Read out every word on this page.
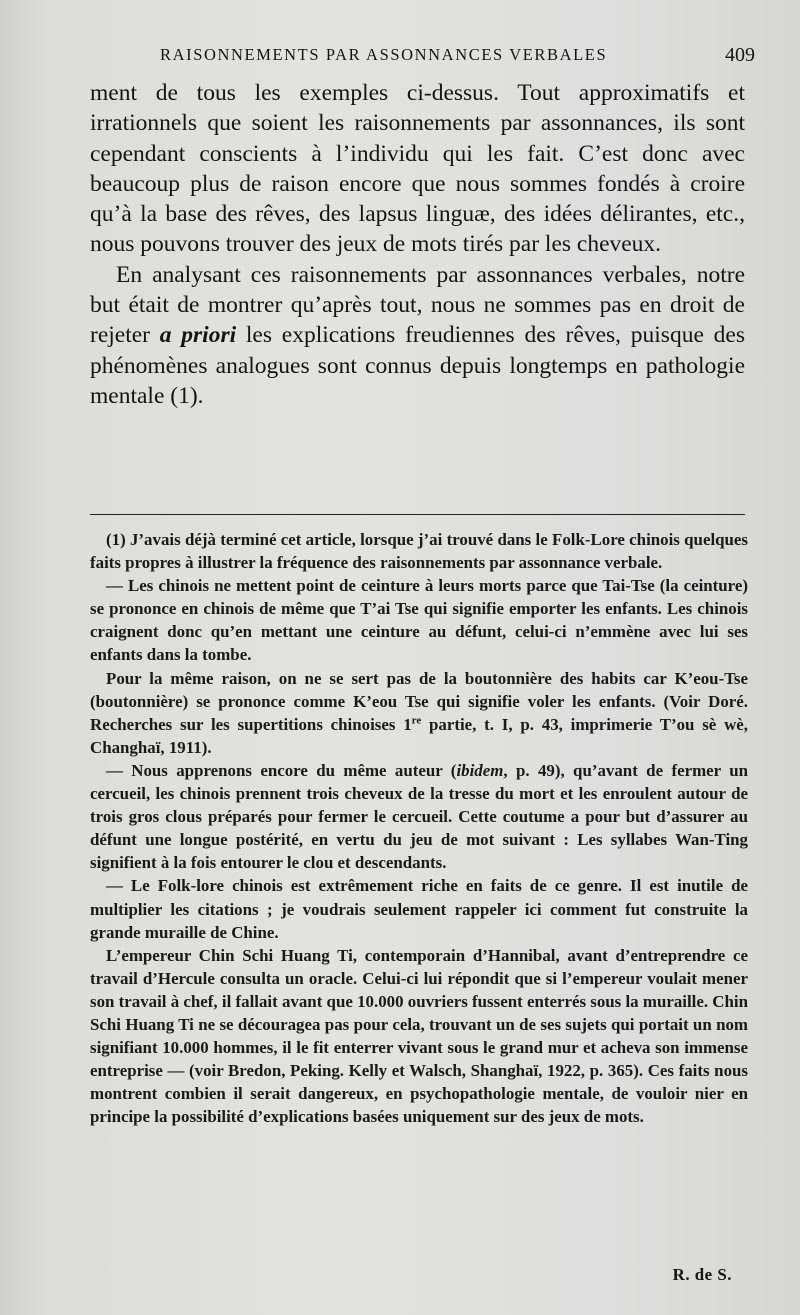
RAISONNEMENTS PAR ASSONNANCES VERBALES	409

ment de tous les exemples ci-dessus. Tout approximatifs et irrationnels que soient les raisonnements par assonnances, ils sont cependant conscients à l’individu qui les fait. C’est donc avec beaucoup plus de raison encore que nous sommes fondés à croire qu’à la base des rêves, des lapsus linguæ, des idées délirantes, etc., nous pouvons trouver des jeux de mots tirés par les cheveux.

En analysant ces raisonnements par assonnances verbales, notre but était de montrer qu’après tout, nous ne sommes pas en droit de rejeter a priori les explications freudiennes des rêves, puisque des phénomènes analogues sont connus depuis longtemps en pathologie mentale (1).

(1) J’avais déjà terminé cet article, lorsque j’ai trouvé dans le Folk-Lore chinois quelques faits propres à illustrer la fréquence des raisonnements par assonnance verbale.

— Les chinois ne mettent point de ceinture à leurs morts parce que Tai-Tse (la ceinture) se prononce en chinois de même que T’ai Tse qui signifie emporter les enfants. Les chinois craignent donc qu’en mettant une ceinture au défunt, celui-ci n’emmène avec lui ses enfants dans la tombe.

Pour la même raison, on ne se sert pas de la boutonnière des habits car K’eou-Tse (boutonnière) se prononce comme K’eou Tse qui signifie voler les enfants. (Voir Doré. Recherches sur les supertitions chinoises 1re partie, t. I, p. 43, imprimerie T’ou sè wè, Changhaï, 1911).

— Nous apprenons encore du même auteur (ibidem, p. 49), qu’avant de fermer un cercueil, les chinois prennent trois cheveux de la tresse du mort et les enroulent autour de trois gros clous préparés pour fermer le cercueil. Cette coutume a pour but d’assurer au défunt une longue postérité, en vertu du jeu de mot suivant : Les syllabes Wan-Ting signifient à la fois entourer le clou et descendants.

— Le Folk-lore chinois est extrêmement riche en faits de ce genre. Il est inutile de multiplier les citations ; je voudrais seulement rappeler ici comment fut construite la grande muraille de Chine.

L’empereur Chin Schi Huang Ti, contemporain d’Hannibal, avant d’entreprendre ce travail d’Hercule consulta un oracle. Celui-ci lui répondit que si l’empereur voulait mener son travail à chef, il fallait avant que 10.000 ouvriers fussent enterrés sous la muraille. Chin Schi Huang Ti ne se découragea pas pour cela, trouvant un de ses sujets qui portait un nom signifiant 10.000 hommes, il le fit enterrer vivant sous le grand mur et acheva son immense entreprise — (voir Bredon, Peking. Kelly et Walsch, Shanghaï, 1922, p. 365). Ces faits nous montrent combien il serait dangereux, en psychopathologie mentale, de vouloir nier en principe la possibilité d’explications basées uniquement sur des jeux de mots.

R. de S.
